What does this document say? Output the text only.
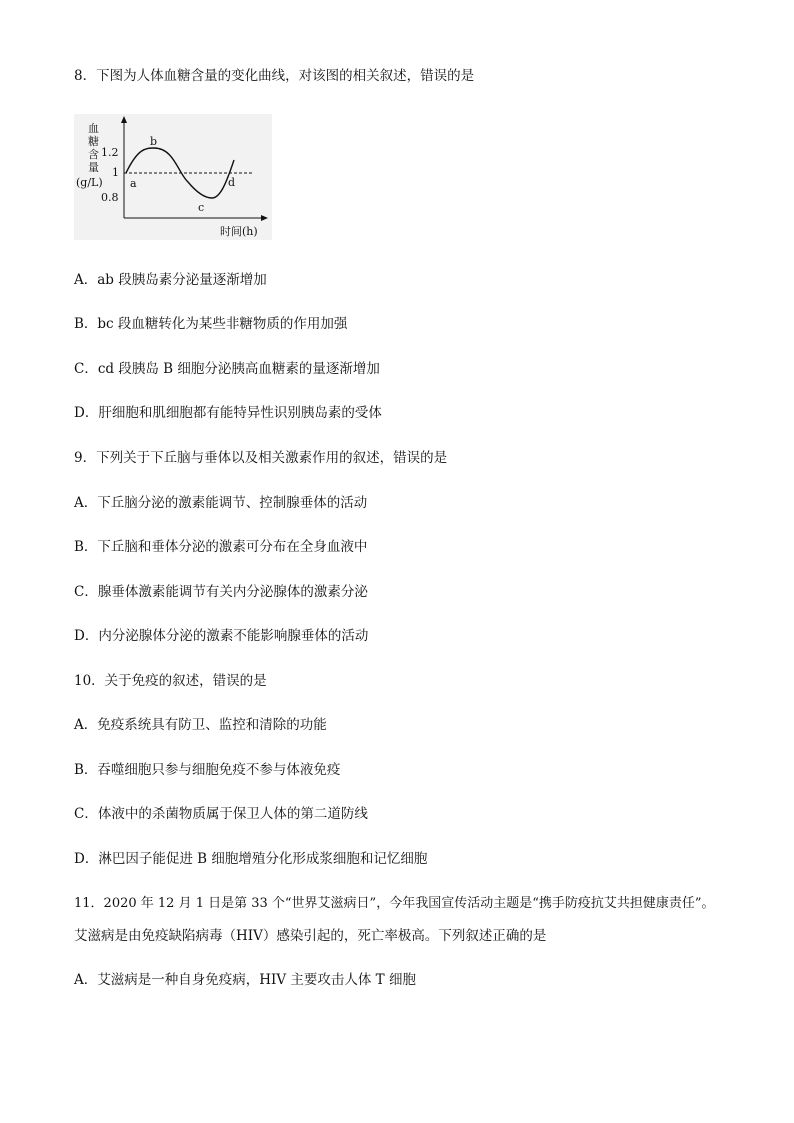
8．下图为人体血糖含量的变化曲线，对该图的相关叙述，错误的是
血
糖
含
量
(g/L)
1.2
1
0.8
a
b
c
d
时间(h)
A．ab 段胰岛素分泌量逐渐增加
B．bc 段血糖转化为某些非糖物质的作用加强
C．cd 段胰岛 B 细胞分泌胰高血糖素的量逐渐增加
D．肝细胞和肌细胞都有能特异性识别胰岛素的受体
9．下列关于下丘脑与垂体以及相关激素作用的叙述，错误的是
A．下丘脑分泌的激素能调节、控制腺垂体的活动
B．下丘脑和垂体分泌的激素可分布在全身血液中
C．腺垂体激素能调节有关内分泌腺体的激素分泌
D．内分泌腺体分泌的激素不能影响腺垂体的活动
10．关于免疫的叙述，错误的是
A．免疫系统具有防卫、监控和清除的功能
B．吞噬细胞只参与细胞免疫不参与体液免疫
C．体液中的杀菌物质属于保卫人体的第二道防线
D．淋巴因子能促进 B 细胞增殖分化形成浆细胞和记忆细胞
11．2020 年 12 月 1 日是第 33 个“世界艾滋病日”，今年我国宣传活动主题是“携手防疫抗艾共担健康责任”。
艾滋病是由免疫缺陷病毒（HIV）感染引起的，死亡率极高。下列叙述正确的是
A．艾滋病是一种自身免疫病，HIV 主要攻击人体 T 细胞
